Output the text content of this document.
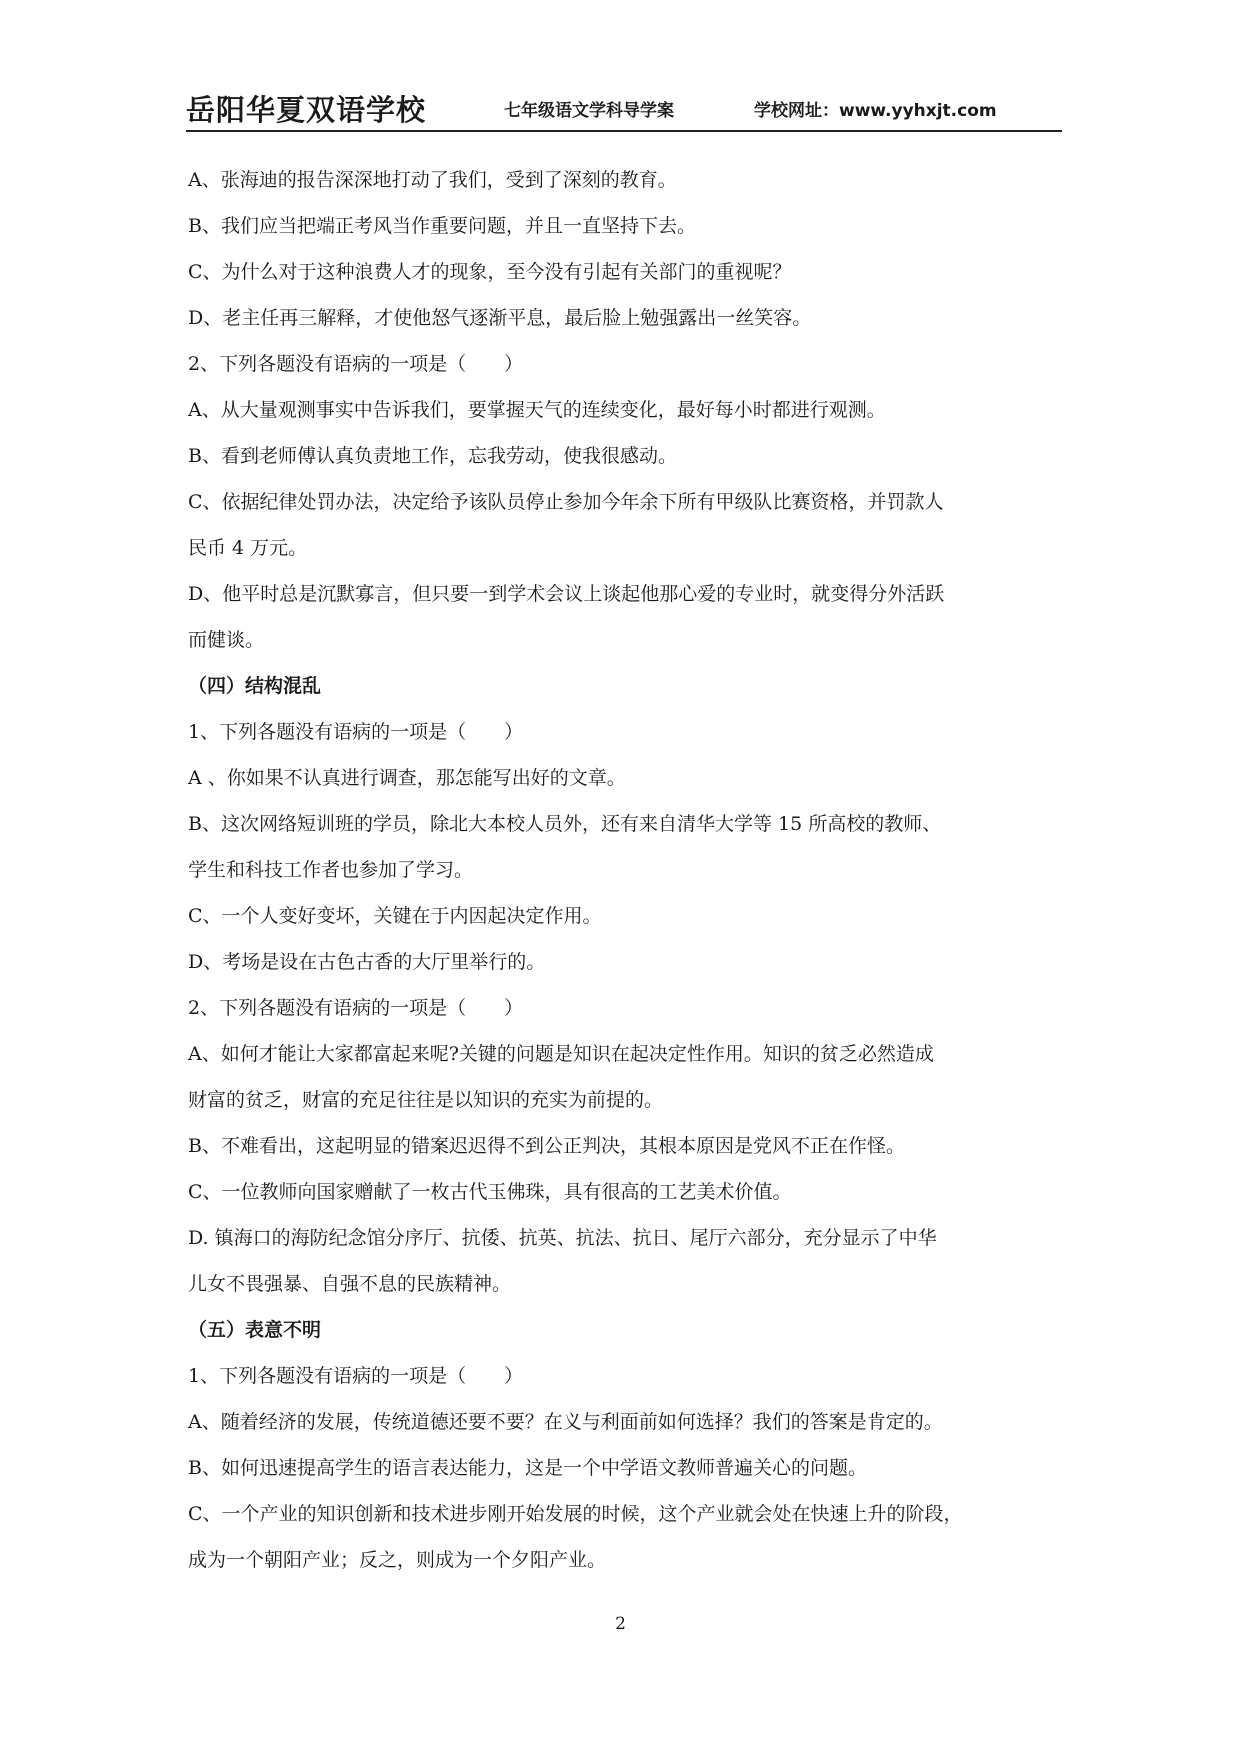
岳阳华夏双语学校	七年级语文学科导学案	学校网址：www.yyhxjt.com
A、张海迪的报告深深地打动了我们，受到了深刻的教育。
B、我们应当把端正考风当作重要问题，并且一直坚持下去。
C、为什么对于这种浪费人才的现象，至今没有引起有关部门的重视呢？
D、老主任再三解释，才使他怒气逐渐平息，最后脸上勉强露出一丝笑容。
2、下列各题没有语病的一项是（　　）
A、从大量观测事实中告诉我们，要掌握天气的连续变化，最好每小时都进行观测。
B、看到老师傅认真负责地工作，忘我劳动，使我很感动。
C、依据纪律处罚办法，决定给予该队员停止参加今年余下所有甲级队比赛资格，并罚款人
民币 4 万元。
D、他平时总是沉默寡言，但只要一到学术会议上谈起他那心爱的专业时，就变得分外活跃
而健谈。
（四）结构混乱
1、下列各题没有语病的一项是（　　）
A 、你如果不认真进行调查，那怎能写出好的文章。
B、这次网络短训班的学员，除北大本校人员外，还有来自清华大学等 15 所高校的教师、
学生和科技工作者也参加了学习。
C、一个人变好变坏，关键在于内因起决定作用。
D、考场是设在古色古香的大厅里举行的。
2、下列各题没有语病的一项是（　　）
A、如何才能让大家都富起来呢?关键的问题是知识在起决定性作用。知识的贫乏必然造成
财富的贫乏，财富的充足往往是以知识的充实为前提的。
B、不难看出，这起明显的错案迟迟得不到公正判决，其根本原因是党风不正在作怪。
C、一位教师向国家赠献了一枚古代玉佛珠，具有很高的工艺美术价值。
D. 镇海口的海防纪念馆分序厅、抗倭、抗英、抗法、抗日、尾厅六部分，充分显示了中华
儿女不畏强暴、自强不息的民族精神。
（五）表意不明
1、下列各题没有语病的一项是（　　）
A、随着经济的发展，传统道德还要不要？在义与利面前如何选择？我们的答案是肯定的。
B、如何迅速提高学生的语言表达能力，这是一个中学语文教师普遍关心的问题。
C、一个产业的知识创新和技术进步刚开始发展的时候，这个产业就会处在快速上升的阶段，
成为一个朝阳产业；反之，则成为一个夕阳产业。
2
